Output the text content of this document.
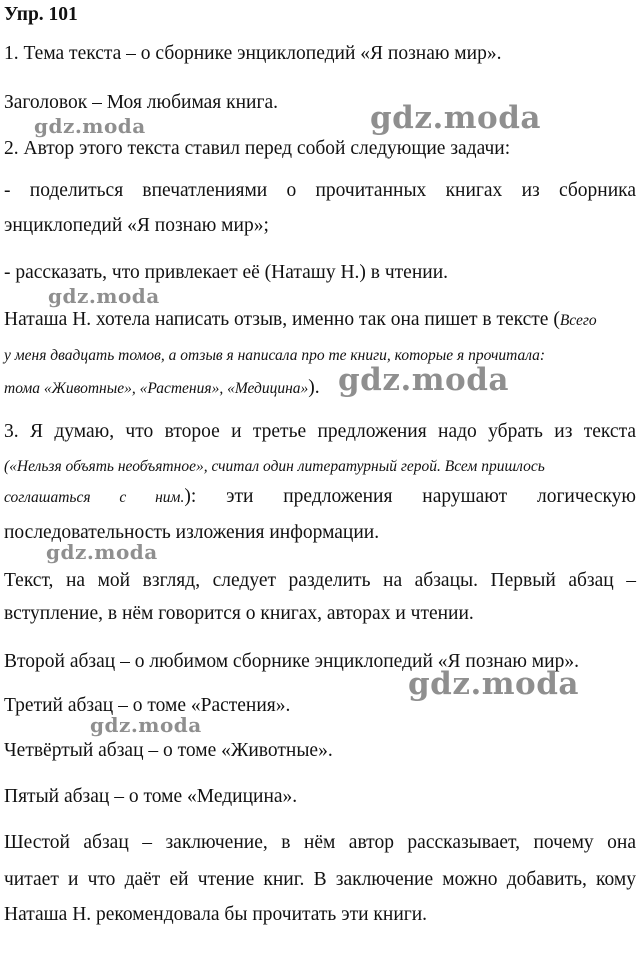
Упр. 101
1. Тема текста – о сборнике энциклопедий «Я познаю мир».
Заголовок – Моя любимая книга.
2. Автор этого текста ставил перед собой следующие задачи:
- поделиться впечатлениями о прочитанных книгах из сборника
энциклопедий «Я познаю мир»;
- рассказать, что привлекает её (Наташу Н.) в чтении.
Наташа Н. хотела написать отзыв, именно так она пишет в тексте (Всего
у меня двадцать томов, а отзыв я написала про те книги, которые я прочитала:
тома «Животные», «Растения», «Медицина»).
3. Я думаю, что второе и третье предложения надо убрать из текста
(«Нельзя объять необъятное», считал один литературный герой. Всем пришлось
соглашаться с ним.): эти предложения нарушают логическую
последовательность изложения информации.
Текст, на мой взгляд, следует разделить на абзацы. Первый абзац –
вступление, в нём говорится о книгах, авторах и чтении.
Второй абзац – о любимом сборнике энциклопедий «Я познаю мир».
Третий абзац – о томе «Растения».
Четвёртый абзац – о томе «Животные».
Пятый абзац – о томе «Медицина».
Шестой абзац – заключение, в нём автор рассказывает, почему она
читает и что даёт ей чтение книг. В заключение можно добавить, кому
Наташа Н. рекомендовала бы прочитать эти книги.
gdz.moda	gdz.moda
gdz.moda
gdz.moda
gdz.moda
gdz.moda
gdz.moda
